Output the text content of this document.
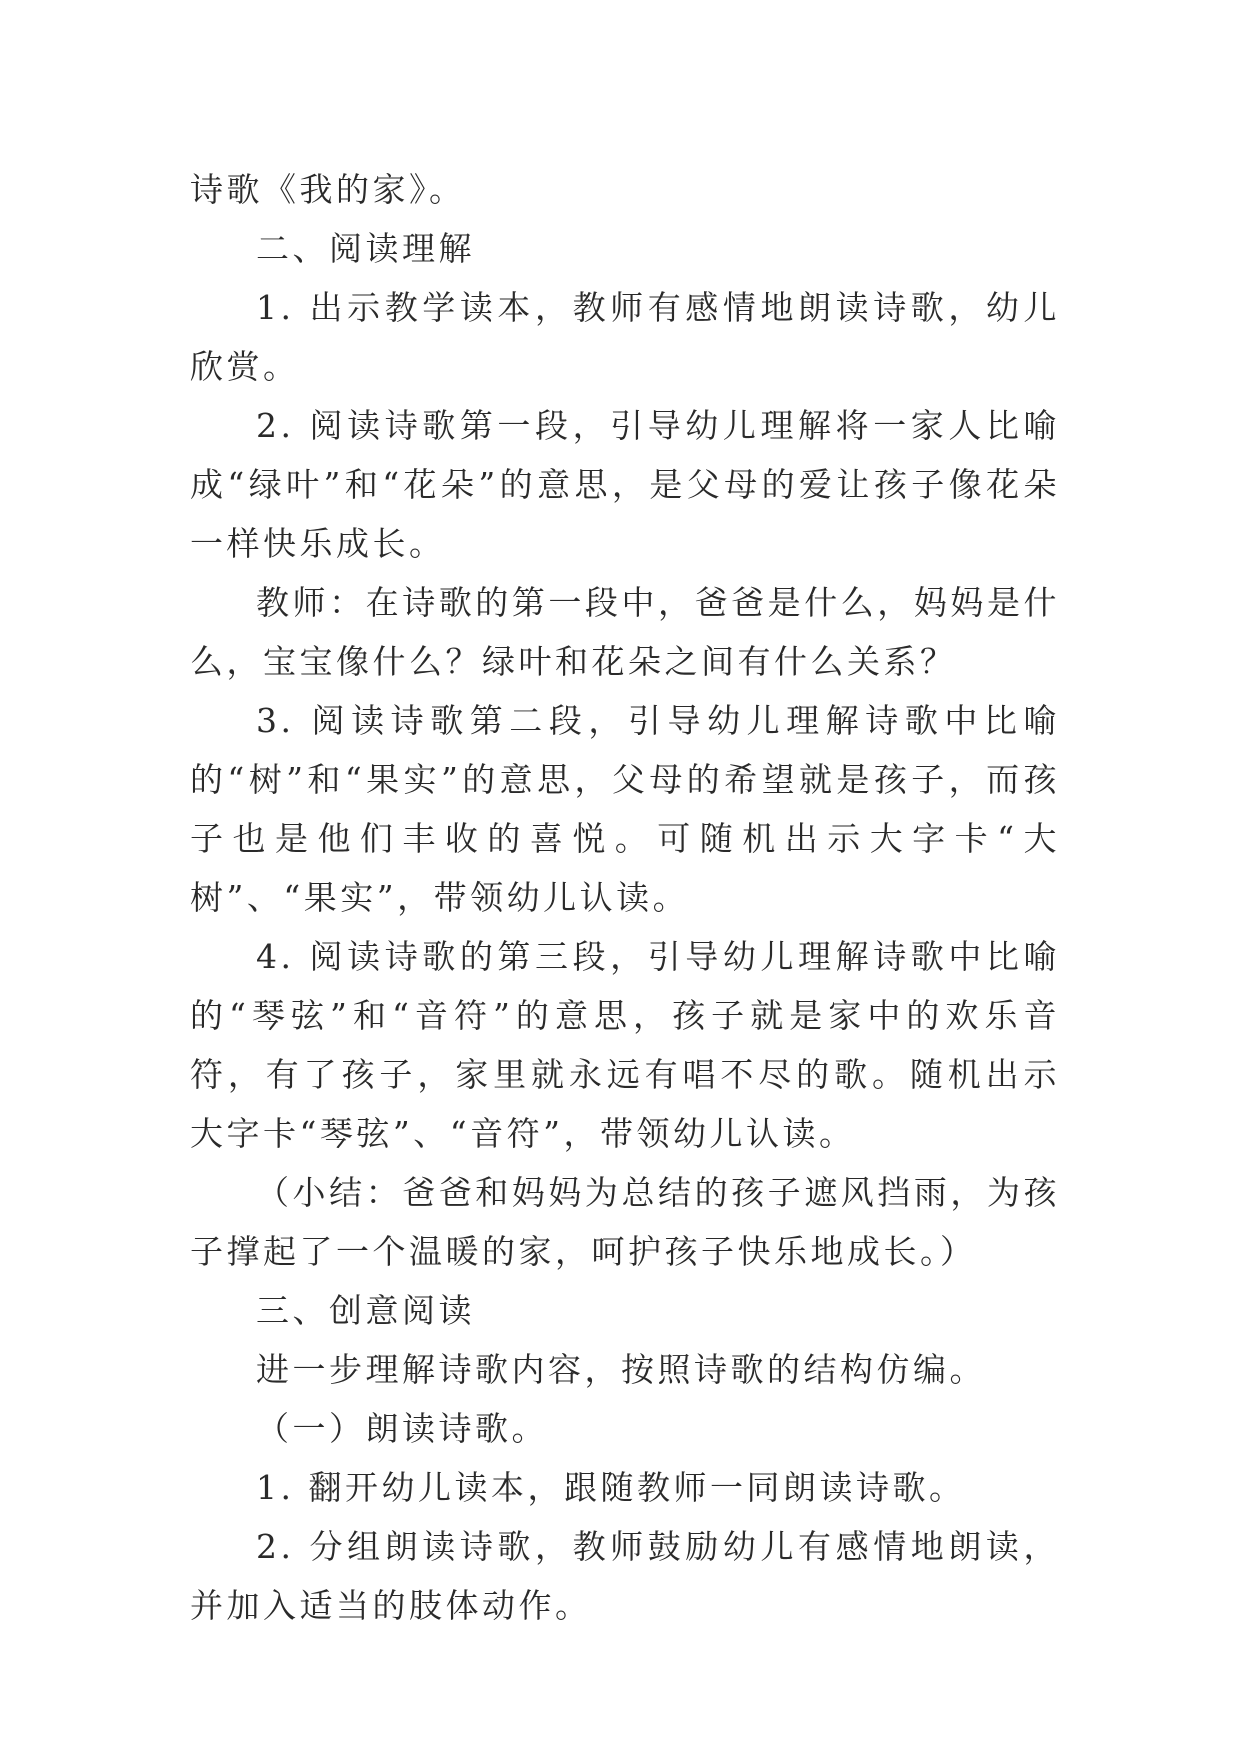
诗歌《我的家》。

二、阅读理解

1. 出示教学读本，教师有感情地朗读诗歌，幼儿欣赏。

2. 阅读诗歌第一段，引导幼儿理解将一家人比喻成“绿叶”和“花朵”的意思，是父母的爱让孩子像花朵一样快乐成长。

教师：在诗歌的第一段中，爸爸是什么，妈妈是什么，宝宝像什么？绿叶和花朵之间有什么关系？

3. 阅读诗歌第二段，引导幼儿理解诗歌中比喻的“树”和“果实”的意思，父母的希望就是孩子，而孩子也是他们丰收的喜悦。可随机出示大字卡“大树”、“果实”，带领幼儿认读。

4. 阅读诗歌的第三段，引导幼儿理解诗歌中比喻的“琴弦”和“音符”的意思，孩子就是家中的欢乐音符，有了孩子，家里就永远有唱不尽的歌。随机出示大字卡“琴弦”、“音符”，带领幼儿认读。

（小结：爸爸和妈妈为总结的孩子遮风挡雨，为孩子撑起了一个温暖的家，呵护孩子快乐地成长。）

三、创意阅读

进一步理解诗歌内容，按照诗歌的结构仿编。

（一）朗读诗歌。

1. 翻开幼儿读本，跟随教师一同朗读诗歌。

2. 分组朗读诗歌，教师鼓励幼儿有感情地朗读，并加入适当的肢体动作。
